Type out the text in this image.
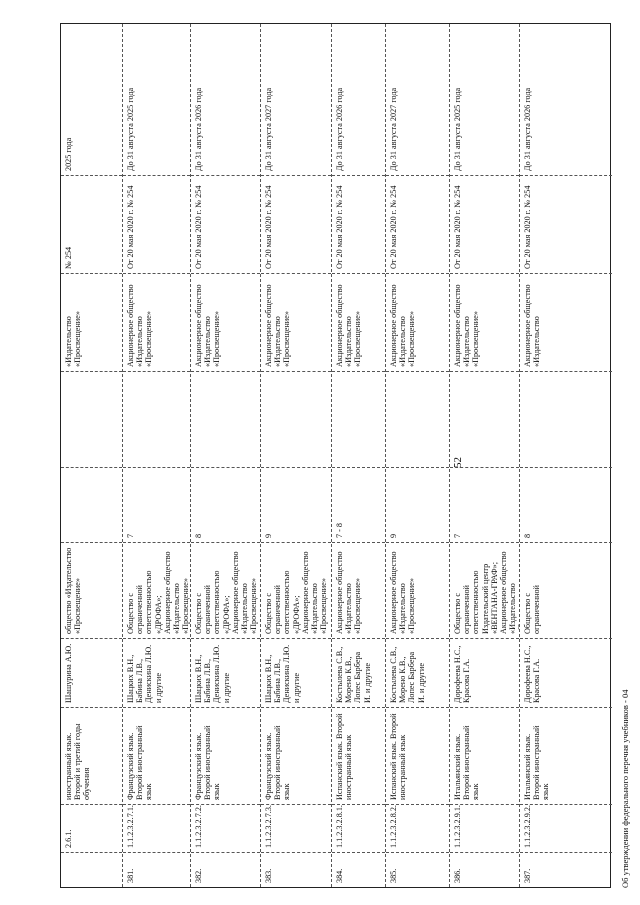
2.6.1.
иностранный язык. Второй и третий годы обучения
Шашурина А.Ю.
общество «Издательство «Просвещение»
«Издательство «Просвещение»
№ 254
2025 года
381.
1.1.2.3.2.7.1.
Французский язык. Второй иностранный язык
Шацких В.Н., Бабина Л.В., Денискина Л.Ю. и другие
Общество с ограниченной ответственностью «ДРОФА»; Акционерное общество «Издательство «Просвещение»
7
Акционерное общество «Издательство «Просвещение»
От 20 мая 2020 г. № 254
До 31 августа 2025 года
382.
1.1.2.3.2.7.2.
Французский язык. Второй иностранный язык
Шацких В.Н., Бабина Л.В., Денискина Л.Ю. и другие
Общество с ограниченной ответственностью «ДРОФА»; Акционерное общество «Издательство «Просвещение»
8
Акционерное общество «Издательство «Просвещение»
От 20 мая 2020 г. № 254
До 31 августа 2026 года
383.
1.1.2.3.2.7.3.
Французский язык. Второй иностранный язык
Шацких В.Н., Бабина Л.В., Денискина Л.Ю. и другие
Общество с ограниченной ответственностью «ДРОФА»; Акционерное общество «Издательство «Просвещение»
9
Акционерное общество «Издательство «Просвещение»
От 20 мая 2020 г. № 254
До 31 августа 2027 года
384.
1.1.2.3.2.8.1.
Испанский язык. Второй иностранный язык
Костылева С.В., Морено К.В., Лопес Барбера И. и другие
Акционерное общество «Издательство «Просвещение»
7 - 8
Акционерное общество «Издательство «Просвещение»
От 20 мая 2020 г. № 254
До 31 августа 2026 года
385.
1.1.2.3.2.8.2.
Испанский язык. Второй иностранный язык
Костылева С.В., Морено К.В., Лопес Барбера И. и другие
Акционерное общество «Издательство «Просвещение»
9
Акционерное общество «Издательство «Просвещение»
От 20 мая 2020 г. № 254
До 31 августа 2027 года
386.
1.1.2.3.2.9.1.
Итальянский язык. Второй иностранный язык
Дорофеева Н.С., Красова Г.А.
Общество с ограниченной ответственностью Издательский центр «ВЕНТАНА-ГРАФ»; Акционерное общество «Издательство
7
Акционерное общество «Издательство «Просвещение»
От 20 мая 2020 г. № 254
До 31 августа 2025 года
387.
1.1.2.3.2.9.2.
Итальянский язык. Второй иностранный язык
Дорофеева Н.С., Красова Г.А.
Общество с ограниченной
8
Акционерное общество «Издательство
От 20 мая 2020 г. № 254
До 31 августа 2026 года
52
Об утверждении федерального перечня учебников - 04
